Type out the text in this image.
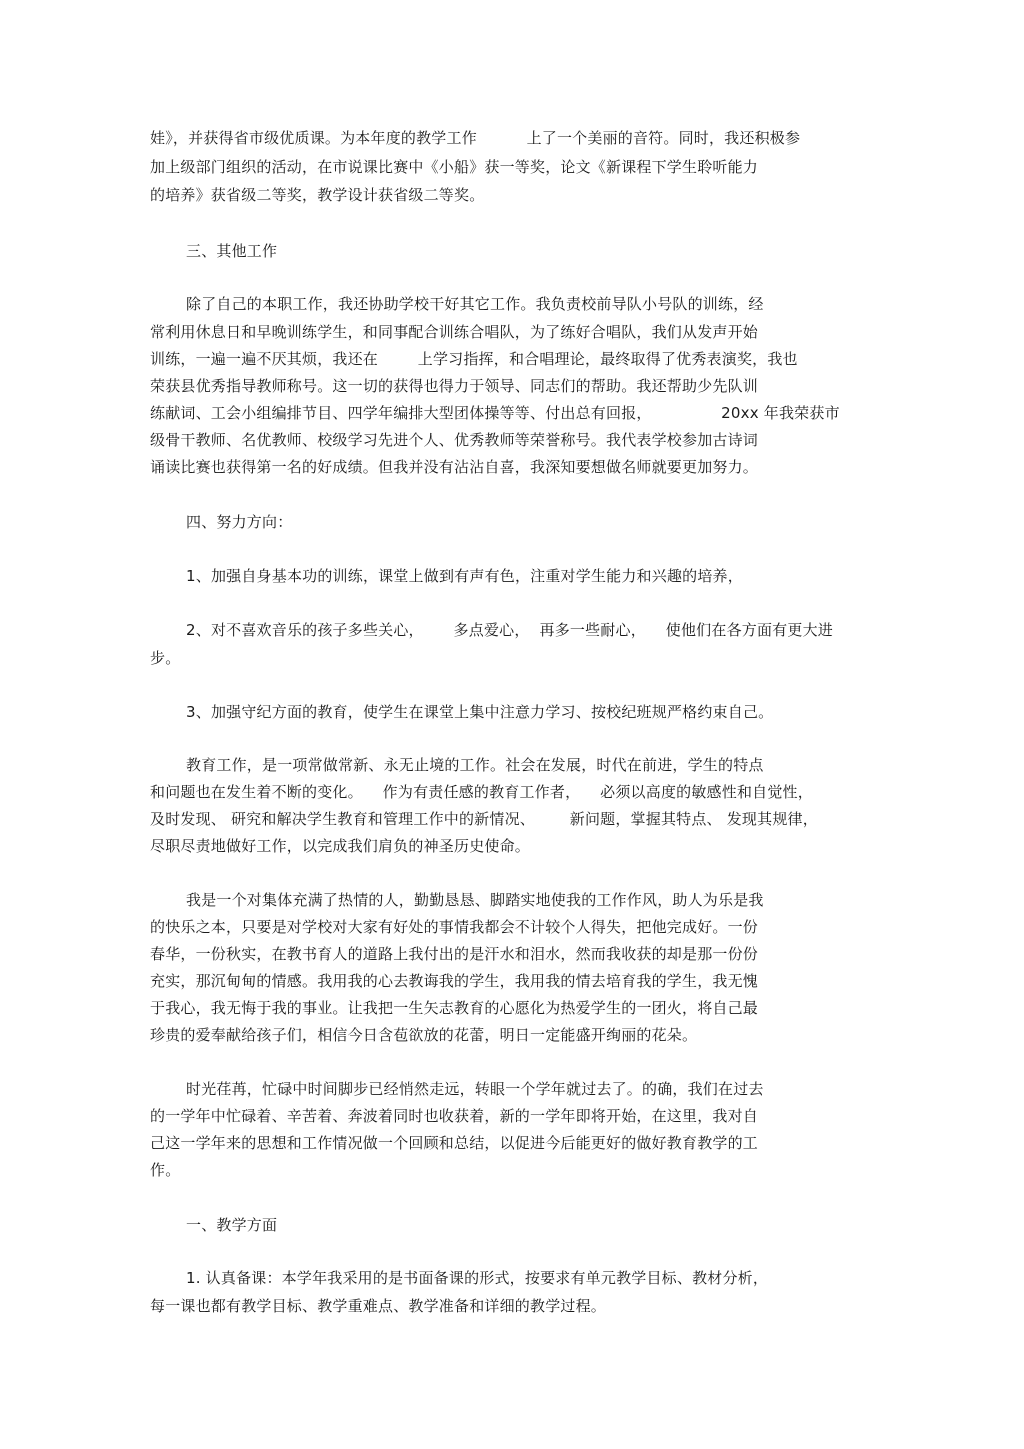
娃》，并获得省市级优质课。为本年度的教学工作          上了一个美丽的音符。同时，我还积极参
加上级部门组织的活动，在市说课比赛中《小船》获一等奖，论文《新课程下学生聆听能力
的培养》获省级二等奖，教学设计获省级二等奖。
三、其他工作
除了自己的本职工作，我还协助学校干好其它工作。我负责校前导队小号队的训练，经
常利用休息日和早晚训练学生，和同事配合训练合唱队，为了练好合唱队，我们从发声开始
训练，一遍一遍不厌其烦，我还在        上学习指挥，和合唱理论，最终取得了优秀表演奖，我也
荣获县优秀指导教师称号。这一切的获得也得力于领导、同志们的帮助。我还帮助少先队训
练献词、工会小组编排节目、四学年编排大型团体操等等、付出总有回报，              20xx 年我荣获市
级骨干教师、名优教师、校级学习先进个人、优秀教师等荣誉称号。我代表学校参加古诗词
诵读比赛也获得第一名的好成绩。但我并没有沾沾自喜，我深知要想做名师就要更加努力。
四、努力方向：
1、加强自身基本功的训练，课堂上做到有声有色，注重对学生能力和兴趣的培养，
2、对不喜欢音乐的孩子多些关心，      多点爱心，  再多一些耐心，    使他们在各方面有更大进
步。
3、加强守纪方面的教育，使学生在课堂上集中注意力学习、按校纪班规严格约束自己。
教育工作，是一项常做常新、永无止境的工作。社会在发展，时代在前进，学生的特点
和问题也在发生着不断的变化。    作为有责任感的教育工作者，    必须以高度的敏感性和自觉性，
及时发现、 研究和解决学生教育和管理工作中的新情况、       新问题，掌握其特点、 发现其规律，
尽职尽责地做好工作，以完成我们肩负的神圣历史使命。
我是一个对集体充满了热情的人，勤勤恳恳、脚踏实地使我的工作作风，助人为乐是我
的快乐之本，只要是对学校对大家有好处的事情我都会不计较个人得失，把他完成好。一份
春华，一份秋实，在教书育人的道路上我付出的是汗水和泪水，然而我收获的却是那一份份
充实，那沉甸甸的情感。我用我的心去教诲我的学生，我用我的情去培育我的学生，我无愧
于我心，我无悔于我的事业。让我把一生矢志教育的心愿化为热爱学生的一团火，将自己最
珍贵的爱奉献给孩子们，相信今日含苞欲放的花蕾，明日一定能盛开绚丽的花朵。
时光荏苒，忙碌中时间脚步已经悄然走远，转眼一个学年就过去了。的确，我们在过去
的一学年中忙碌着、辛苦着、奔波着同时也收获着，新的一学年即将开始，在这里，我对自
己这一学年来的思想和工作情况做一个回顾和总结，以促进今后能更好的做好教育教学的工
作。
一、教学方面
1. 认真备课：本学年我采用的是书面备课的形式，按要求有单元教学目标、教材分析，
每一课也都有教学目标、教学重难点、教学准备和详细的教学过程。
